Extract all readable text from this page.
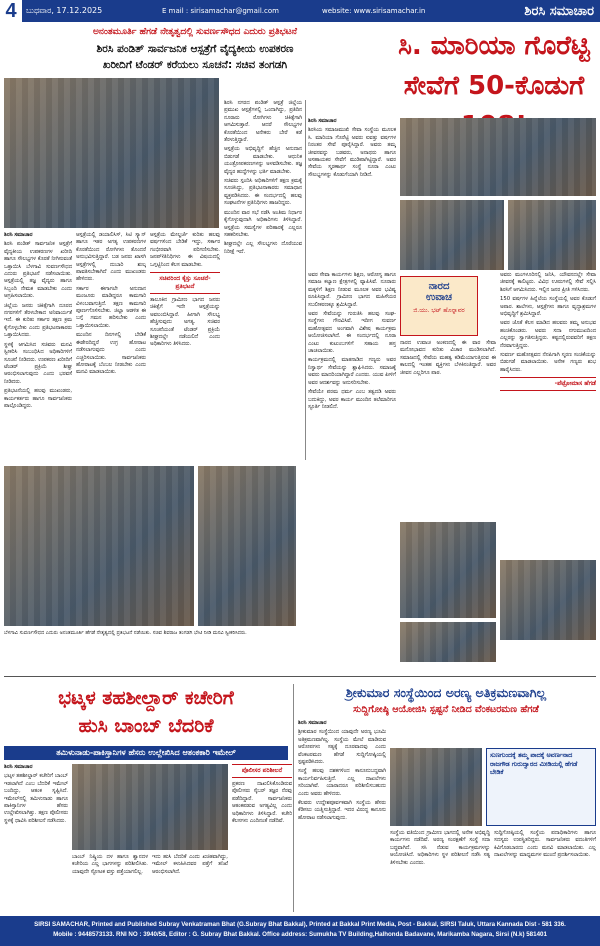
4	ಬುಧವಾರ, 17.12.2025	E mail : sirisamachar@gmail.com	website: www.sirisamachar.in	ಶಿರಸಿ ಸಮಾಚಾರ
ಅನಂತಮೂರ್ತಿ ಹೆಗಡೆ ನೇತೃತ್ವದಲ್ಲಿ ಸುವರ್ಣಸೌಧದ ಎದುರು ಪ್ರತಿಭಟನೆ
ಶಿರಸಿ ಪಂಡಿತ್ ಸಾರ್ವಜನಿಕ ಆಸ್ಪತ್ರೆಗೆ ವೈದ್ಯಕೀಯ ಉಪಕರಣ
ಖರೀದಿಗೆ ಟೆಂಡರ್ ಕರೆಯಲು ಸೂಚನೆ: ಸಚಿವ ತಂಗಡಗಿ

ಶಿರಸಿ ಸಮಾಚಾರ

ಶಿರಸಿ ಪಂಡಿತ್ ಸಾರ್ವಜನಿಕ ಆಸ್ಪತ್ರೆಗೆ ವೈದ್ಯಕೀಯ ಉಪಕರಣಗಳ ಖರೀದಿ ಹಾಗೂ ಸೌಲಭ್ಯಗಳ ಕೊರತೆ ನೀಗಿಸುವಂತೆ ಒತ್ತಾಯಿಸಿ ಬೆಳಗಾವಿ ಸುವರ್ಣಸೌಧದ ಎದುರು ಪ್ರತಿಭಟನೆ ನಡೆಸಲಾಯಿತು. ಆಸ್ಪತ್ರೆಯಲ್ಲಿ ತಜ್ಞ ವೈದ್ಯರು ಹಾಗೂ ಸಿಬ್ಬಂದಿ ನೇಮಕ ಮಾಡಬೇಕು ಎಂದು ಆಗ್ರಹಿಸಲಾಯಿತು.

ಜಿಲ್ಲೆಯ ಜನರು ಚಿಕಿತ್ಸೆಗಾಗಿ ದೂರದ ನಗರಗಳಿಗೆ ತೆರಳಬೇಕಾದ ಅನಿವಾರ್ಯತೆ ಇದೆ. ಈ ಕುರಿತು ಸರ್ಕಾರ ತಕ್ಷಣ ಕ್ರಮ ಕೈಗೊಳ್ಳಬೇಕು ಎಂದು ಪ್ರತಿಭಟನಾಕಾರರು ಒತ್ತಾಯಿಸಿದರು.

ಸ್ಥಳಕ್ಕೆ ಆಗಮಿಸಿದ ಸಚಿವರು ಮನವಿ ಸ್ವೀಕರಿಸಿ ಸಂಬಂಧಿಸಿದ ಅಧಿಕಾರಿಗಳಿಗೆ ಸೂಚನೆ ನೀಡಿದರು. ಉಪಕರಣ ಖರೀದಿಗೆ ಟೆಂಡರ್ ಪ್ರಕ್ರಿಯೆ ಶೀಘ್ರ ಆರಂಭಿಸಲಾಗುವುದು ಎಂದು ಭರವಸೆ ನೀಡಿದರು.

ಪ್ರತಿಭಟನೆಯಲ್ಲಿ ಹಲವು ಮುಖಂಡರು, ಕಾರ್ಯಕರ್ತರು ಹಾಗೂ ಸಾರ್ವಜನಿಕರು ಪಾಲ್ಗೊಂಡಿದ್ದರು.

ಆಸ್ಪತ್ರೆಯಲ್ಲಿ ಡಯಾಲಿಸಿಸ್, ಸಿಟಿ ಸ್ಕ್ಯಾನ್ ಹಾಗೂ ಇತರ ಅಗತ್ಯ ಉಪಕರಣಗಳ ಕೊರತೆಯಿಂದ ರೋಗಿಗಳು ತೊಂದರೆ ಅನುಭವಿಸುತ್ತಿದ್ದಾರೆ. ಬಡ ಜನರು ಖಾಸಗಿ ಆಸ್ಪತ್ರೆಗಳಲ್ಲಿ ದುಬಾರಿ ಶುಲ್ಕ ಪಾವತಿಸಬೇಕಾಗಿದೆ ಎಂದು ಮುಖಂಡರು ಹೇಳಿದರು.

ಸರ್ಕಾರ ಈಗಾಗಲೇ ಅನುದಾನ ಮಂಜೂರು ಮಾಡಿದ್ದರೂ ಕಾಮಗಾರಿ ವಿಳಂಬವಾಗುತ್ತಿದೆ. ತಕ್ಷಣ ಕಾಮಗಾರಿ ಪೂರ್ಣಗೊಳಿಸಬೇಕು. ಜಿಲ್ಲಾ ಆಡಳಿತ ಈ ಬಗ್ಗೆ ಗಮನ ಹರಿಸಬೇಕು ಎಂದು ಒತ್ತಾಯಿಸಲಾಯಿತು.

ಮುಂದಿನ ದಿನಗಳಲ್ಲಿ ಬೇಡಿಕೆ ಈಡೇರದಿದ್ದರೆ ಉಗ್ರ ಹೋರಾಟ ನಡೆಸಲಾಗುವುದು ಎಂದು ಎಚ್ಚರಿಸಲಾಯಿತು. ಸಾರ್ವಜನಿಕರು ಹೋರಾಟಕ್ಕೆ ಬೆಂಬಲ ನೀಡಬೇಕು ಎಂದು ಮನವಿ ಮಾಡಲಾಯಿತು.

ಆಸ್ಪತ್ರೆಯ ಮೇಲ್ದರ್ಜೆ ಕುರಿತು ಹಲವು ವರ್ಷಗಳಿಂದ ಬೇಡಿಕೆ ಇದ್ದು, ಸರ್ಕಾರ ಗಂಭೀರವಾಗಿ ಪರಿಗಣಿಸಬೇಕು. ಜನಪ್रತಿನಿಧಿಗಳು ಈ ವಿಷಯದಲ್ಲಿ ಒಗ್ಗಟ್ಟಿನಿಂದ ಕೆಲಸ ಮಾಡಬೇಕು.

ಸಚಿವರಿಂದ ಕೈಸ್ತು ಸೂಚನೆ-ಪ್ರತಿಭಟನೆ

ತಾಲೂಕಿನ ಗ್ರಾಮೀಣ ಭಾಗದ ಜನರು ಚಿಕಿತ್ಸೆಗೆ ಇದೇ ಆಸ್ಪತ್ರೆಯನ್ನು ಅವಲಂಬಿಸಿದ್ದಾರೆ. ಹೀಗಾಗಿ ಸೌಲಭ್ಯ ಹೆಚ್ಚಿಸುವುದು ಅಗತ್ಯ. ಸಚಿವರ ಸೂಚನೆಯಂತೆ ಟೆಂಡರ್ ಪ್ರಕ್ರಿಯೆ ಶೀಘ್ರದಲ್ಲೇ ನಡೆಯಲಿದೆ ಎಂದು ಅಧಿಕಾರಿಗಳು ತಿಳಿಸಿದರು.

ಶಿರಸಿ ನಗರದ ಪಂಡಿತ್ ಆಸ್ಪತ್ರೆ ಜಿಲ್ಲೆಯ ಪ್ರಮುಖ ಆಸ್ಪತ್ರೆಗಳಲ್ಲಿ ಒಂದಾಗಿದ್ದು, ಪ್ರತಿದಿನ ನೂರಾರು ರೋಗಿಗಳು ಚಿಕಿತ್ಸೆಗಾಗಿ ಆಗಮಿಸುತ್ತಾರೆ. ಆದರೆ ಸೌಲಭ್ಯಗಳ ಕೊರತೆಯಿಂದ ಅನೇಕರು ಬೇರೆ ಕಡೆ ತೆರಳುತ್ತಿದ್ದಾರೆ.

ಆಸ್ಪತ್ರೆಯ ಅಭಿವೃದ್ಧಿಗೆ ಹೆಚ್ಚಿನ ಅನುದಾನ ಬಿಡುಗಡೆ ಮಾಡಬೇಕು. ಆಧುನಿಕ ಯಂತ್ರೋಪಕರಣಗಳನ್ನು ಅಳವಡಿಸಬೇಕು. ತಜ್ಞ ವೈದ್ಯರ ಹುದ್ದೆಗಳನ್ನು ಭರ್ತಿ ಮಾಡಬೇಕು.

ಸಚಿವರು ಸ್ಪಂದಿಸಿ ಅಧಿಕಾರಿಗಳಿಗೆ ತಕ್ಷಣ ಕ್ರಮಕ್ಕೆ ಸೂಚಿಸಿದ್ದು, ಪ್ರತಿಭಟನಾಕಾರರು ಸಮಾಧಾನ ವ್ಯಕ್ತಪಡಿಸಿದರು. ಈ ಸಂದರ್ಭದಲ್ಲಿ ಹಲವು ಸಂಘಟನೆಗಳ ಪ್ರತಿನಿಧಿಗಳು ಹಾಜರಿದ್ದರು.

ಮುಂದಿನ ವಾರ ಸಭೆ ನಡೆಸಿ ಅಂತಿಮ ನಿರ್ಧಾರ ಕೈಗೊಳ್ಳುವುದಾಗಿ ಅಧಿಕಾರಿಗಳು ತಿಳಿಸಿದ್ದಾರೆ. ಆಸ್ಪತ್ರೆಯ ಸಮಸ್ಯೆಗಳ ಪರಿಹಾರಕ್ಕೆ ಎಲ್ಲರೂ ಸಹಕರಿಸಬೇಕು.

ಶೀಘ್ರದಲ್ಲೇ ಎಲ್ಲ ಸೌಲಭ್ಯಗಳು ದೊರೆಯುವ ನಿರೀಕ್ಷೆ ಇದೆ.

ಸಿ. ಮಾರಿಯಾ ಗೊರೆಟ್ಟಿ
ಸೇವೆಗೆ 50-ಕೊಡುಗೆ

ಶಿರಸಿ ಸಮಾಚಾರ

ಶಿರಸಿಯ ಸಮಾಜಮುಖಿ ಸೇವಾ ಸಂಸ್ಥೆಯ ಮೂಲಕ ಸಿ. ಮಾರಿಯಾ ಗೊರೆಟ್ಟಿ ಅವರು ಐವತ್ತು ವರ್ಷಗಳ ನಿರಂತರ ಸೇವೆ ಪೂರೈಸಿದ್ದಾರೆ. ಅವರು ತಮ್ಮ ಜೀವನವನ್ನು ಬಡವರು, ಅನಾಥರು ಹಾಗೂ ಅಸಹಾಯಕರ ಸೇವೆಗೆ ಮುಡಿಪಾಗಿಟ್ಟಿದ್ದಾರೆ. ಅವರ ಸೇವೆಯ ಸ್ಮರಣಾರ್ಥ ಸಂಸ್ಥೆ ನೂರಾ ಎಂಟು ಸೌಲಭ್ಯಗಳನ್ನು ಕೊಡುಗೆಯಾಗಿ ನೀಡಿದೆ.

ಅವರ ಸೇವಾ ಕಾರ್ಯಗಳು ಶಿಕ್ಷಣ, ಆರೋಗ್ಯ ಹಾಗೂ ಸಮಾಜ ಕಲ್ಯಾಣ ಕ್ಷೇತ್ರಗಳಲ್ಲಿ ವ್ಯಾಪಿಸಿವೆ. ನೂರಾರು ಮಕ್ಕಳಿಗೆ ಶಿಕ್ಷಣ ನೀಡುವ ಮೂಲಕ ಅವರ ಭವಿಷ್ಯ ರೂಪಿಸಿದ್ದಾರೆ. ಗ್ರಾಮೀಣ ಭಾಗದ ಮಹಿಳೆಯರ ಸಬಲೀಕರಣಕ್ಕೂ ಶ್ರಮಿಸಿದ್ದಾರೆ.

ಅವರ ಸೇವೆಯನ್ನು ಗುರುತಿಸಿ ಹಲವು ಸಂಘ-ಸಂಸ್ಥೆಗಳು ಗೌರವಿಸಿವೆ. ಇದೀಗ ಸುವರ್ಣ ಮಹೋತ್ಸವದ ಅಂಗವಾಗಿ ವಿಶೇಷ ಕಾರ್ಯಕ್ರಮ ಆಯೋಜಿಸಲಾಗಿದೆ. ಈ ಸಂದರ್ಭದಲ್ಲಿ ನೂರಾ ಎಂಟು ಕುಟುಂಬಗಳಿಗೆ ಸಹಾಯ ಹಸ್ತ ಚಾಚಲಾಯಿತು.

ಕಾರ್ಯಕ್ರಮದಲ್ಲಿ ಮಾತನಾಡಿದ ಗಣ್ಯರು ಅವರ ನಿಸ್ವಾರ್ಥ ಸೇವೆಯನ್ನು ಶ್ಲಾಘಿಸಿದರು. ಸಮಾಜಕ್ಕೆ ಅವರು ಮಾದರಿಯಾಗಿದ್ದಾರೆ ಎಂದರು. ಯುವ ಪೀಳಿಗೆ ಅವರ ಆದರ್ಶವನ್ನು ಅನುಸರಿಸಬೇಕು.

ಸೇವೆಯೇ ಪರಮ ಧರ್ಮ ಎಂಬ ತತ್ವದಡಿ ಅವರು ಬದುಕಿದ್ದು, ಅವರ ಕಾರ್ಯ ಮುಂದಿನ ತಲೆಮಾರಿಗೂ ಸ್ಫೂರ್ತಿ ನೀಡಲಿದೆ.

ನಾರದ
ಉವಾಚ
ಜಿ.ಯು. ಭಟ್ ಹೊನ್ನಾವರ

ನಾರದ ಉವಾಚ ಅಂಕಣದಲ್ಲಿ ಈ ವಾರ ಸೇವಾ ಮನೋಭಾವದ ಕುರಿತು ವಿಚಾರ ಮಂಡಿಸಲಾಗಿದೆ. ಸಮಾಜದಲ್ಲಿ ಸೇವೆಯ ಮಹತ್ವ ಕಡಿಮೆಯಾಗುತ್ತಿರುವ ಈ ಕಾಲದಲ್ಲಿ ಇಂತಹ ವ್ಯಕ್ತಿಗಳು ಬೆಳಕಿನಂತಿದ್ದಾರೆ. ಅವರ ಜೀವನ ಎಲ್ಲರಿಗೂ ಪಾಠ.

ಅವರು ಮಂಗಳೂರಿನಲ್ಲಿ ಜನಿಸಿ, ಯೌವನದಲ್ಲೇ ಸೇವಾ ಜೀವನಕ್ಕೆ ಕಾಲಿಟ್ಟರು. ವಿವಿಧ ಊರುಗಳಲ್ಲಿ ಸೇವೆ ಸಲ್ಲಿಸಿ ಶಿರಸಿಗೆ ಆಗಮಿಸಿದರು. ಇಲ್ಲಿನ ಜನರ ಪ್ರೀತಿ ಗಳಿಸಿದರು.

150 ವರ್ಷಗಳ ಹಿನ್ನೆಲೆಯ ಸಂಸ್ಥೆಯಲ್ಲಿ ಅವರ ಕೊಡುಗೆ ಅಪಾರ. ಶಾಲೆಗಳು, ಆಸ್ಪತ್ರೆಗಳು ಹಾಗೂ ವೃದ್ಧಾಶ್ರಮಗಳ ಅಭಿವೃದ್ಧಿಗೆ ಶ್ರಮಿಸಿದ್ದಾರೆ.

ಅವರ ಜೊತೆ ಕೆಲಸ ಮಾಡಿದ ಹಲವರು ತಮ್ಮ ಅನುಭವ ಹಂಚಿಕೊಂಡರು. ಅವರು ಸದಾ ನಗುಮುಖದಿಂದ ಎಲ್ಲರನ್ನು ಸ್ವಾಗತಿಸುತ್ತಿದ್ದರು. ಕಷ್ಟದಲ್ಲಿರುವವರಿಗೆ ತಕ್ಷಣ ನೆರವಾಗುತ್ತಿದ್ದರು.

ಸುವರ್ಣ ಮಹೋತ್ಸವದ ನೆನಪಿಗಾಗಿ ಸ್ಮರಣ ಸಂಚಿಕೆಯನ್ನು ಬಿಡುಗಡೆ ಮಾಡಲಾಯಿತು. ಅನೇಕ ಗಣ್ಯರು ಶುಭ ಹಾರೈಸಿದರು.

-ಪೆಟ್ರೋಮಾಸ ಹೆಗಡೆ
ಬೆಳಗಾವಿ ಸುವರ್ಣಸೌಧದ ಎದುರು ಅನಂತಮೂರ್ತಿ ಹೆಗಡೆ ನೇತೃತ್ವದಲ್ಲಿ ಪ್ರತಿಭಟನೆ ನಡೆಯಿತು. ಸಚಿವ ಶಿವರಾಜ ತಂಗಡಗಿ ಭೇಟಿ ನೀಡಿ ಮನವಿ ಸ್ವೀಕರಿಸಿದರು.
ಭಟ್ಕಳ ತಹಶೀಲ್ದಾರ್ ಕಚೇರಿಗೆ
ಹುಸಿ ಬಾಂಬ್ ಬೆದರಿಕೆ
ತಮಿಳುನಾಡು-ಪಾಕಿಸ್ತಾನಿಗಳ ಹೆಸರು ಉಲ್ಲೇಖಿಸಿದ ಆತಂಕಕಾರಿ ಇಮೇಲ್

ಶಿರಸಿ ಸಮಾಚಾರ

ಭಟ್ಕಳ ತಹಶೀಲ್ದಾರ್ ಕಚೇರಿಗೆ ಬಾಂಬ್ ಇಡಲಾಗಿದೆ ಎಂಬ ಬೆದರಿಕೆ ಇಮೇಲ್ ಬಂದಿದ್ದು, ಆತಂಕ ಸೃಷ್ಟಿಸಿದೆ. ಇಮೇಲ್‌ನಲ್ಲಿ ತಮಿಳುನಾಡು ಹಾಗೂ ಪಾಕಿಸ್ತಾನಿಗಳ ಹೆಸರು ಉಲ್ಲೇಖಿಸಲಾಗಿತ್ತು. ತಕ್ಷಣ ಪೊಲೀಸರು ಸ್ಥಳಕ್ಕೆ ಧಾವಿಸಿ ಪರಿಶೀಲನೆ ನಡೆಸಿದರು.

ಬಾಂಬ್ ನಿಷ್ಕ್ರಿಯ ದಳ ಹಾಗೂ ಶ್ವಾನದಳ ಕಚೇರಿಯ ಎಲ್ಲ ಭಾಗಗಳನ್ನು ಪರಿಶೀಲಿಸಿತು. ಯಾವುದೇ ಸ್ಫೋಟಕ ವಸ್ತು ಪತ್ತೆಯಾಗಲಿಲ್ಲ.

ಇದು ಹುಸಿ ಬೆದರಿಕೆ ಎಂದು ಖಚಿತವಾಗಿದ್ದು, ಇಮೇಲ್ ಕಳುಹಿಸಿದವರ ಪತ್ತೆಗೆ ತನಿಖೆ ಆರಂಭಿಸಲಾಗಿದೆ.

ಪೊಲೀಸರ ಪರಿಶೀಲನೆ

ಪ್ರಕರಣ ದಾಖಲಿಸಿಕೊಂಡಿರುವ ಪೊಲೀಸರು ಸೈಬರ್ ತಜ್ಞರ ನೆರವು ಪಡೆದಿದ್ದಾರೆ. ಸಾರ್ವಜನಿಕರು ಆತಂಕಪಡುವ ಅಗತ್ಯವಿಲ್ಲ ಎಂದು ಅಧಿಕಾರಿಗಳು ತಿಳಿಸಿದ್ದಾರೆ. ಕಚೇರಿ ಕೆಲಸಗಳು ಎಂದಿನಂತೆ ನಡೆದಿವೆ.

ಶ್ರೀಕುಮಾರ ಸಂಸ್ಥೆಯಿಂದ ಅರಣ್ಯ ಅತಿಕ್ರಮಣವಾಗಿಲ್ಲ
ಸುದ್ದಿಗೋಷ್ಠಿ ಆಯೋಜಿಸಿ ಸ್ಪಷ್ಟನೆ ನೀಡಿದ ವೆಂಕಟರಮಣ ಹೆಗಡೆ

ಶಿರಸಿ ಸಮಾಚಾರ

ಶ್ರೀಕುಮಾರ ಸಂಸ್ಥೆಯಿಂದ ಯಾವುದೇ ಅರಣ್ಯ ಭೂಮಿ ಅತಿಕ್ರಮಣವಾಗಿಲ್ಲ. ಸಂಸ್ಥೆಯ ಮೇಲೆ ಮಾಡಿರುವ ಆರೋಪಗಳು ಸತ್ಯಕ್ಕೆ ದೂರವಾದವು ಎಂದು ವೆಂಕಟರಮಣ ಹೆಗಡೆ ಸುದ್ದಿಗೋಷ್ಠಿಯಲ್ಲಿ ಸ್ಪಷ್ಟಪಡಿಸಿದರು.

ಸಂಸ್ಥೆ ಹಲವು ದಶಕಗಳಿಂದ ಕಾನೂನುಬದ್ಧವಾಗಿ ಕಾರ್ಯನಿರ್ವಹಿಸುತ್ತಿದೆ. ಎಲ್ಲ ದಾಖಲೆಗಳು ಸರಿಯಾಗಿವೆ. ಯಾರಾದರೂ ಪರಿಶೀಲಿಸಬಹುದು ಎಂದು ಅವರು ಹೇಳಿದರು.

ಕೆಲವರು ಉದ್ದೇಶಪೂರ್ವಕವಾಗಿ ಸಂಸ್ಥೆಯ ಹೆಸರು ಕೆಡಿಸಲು ಯತ್ನಿಸುತ್ತಿದ್ದಾರೆ. ಇದರ ವಿರುದ್ಧ ಕಾನೂನು ಹೋರಾಟ ನಡೆಸಲಾಗುವುದು.

ಸುಣಗುಂದಕ್ಕೆ ತಮ್ಮ ಪಾದಕ್ಕೆ ಅವರ್ಣನಾದ ರಾಜಗೌಡ ಗುರುದ್ವಾರದ ಮೀಡಿಯಲ್ಲಿ ಹೆಗಡೆ ಬೇಡಿಕೆ

ಸಂಸ್ಥೆಯ ವತಿಯಿಂದ ಗ್ರಾಮೀಣ ಭಾಗದಲ್ಲಿ ಅನೇಕ ಅಭಿವೃದ್ಧಿ ಕಾರ್ಯಗಳು ನಡೆದಿವೆ. ಅರಣ್ಯ ಸಂರಕ್ಷಣೆಗೆ ಸಂಸ್ಥೆ ಸದಾ ಬದ್ಧವಾಗಿದೆ. ಸಸಿ ನೆಡುವ ಕಾರ್ಯಕ್ರಮಗಳನ್ನು ಆಯೋಜಿಸಿದೆ. ಅಧಿಕಾರಿಗಳು ಸ್ಥಳ ಪರಿಶೀಲನೆ ನಡೆಸಿ ಸತ್ಯ ತಿಳಿಸಬೇಕು ಎಂದರು.

ಸುದ್ದಿಗೋಷ್ಠಿಯಲ್ಲಿ ಸಂಸ್ಥೆಯ ಪದಾಧಿಕಾರಿಗಳು ಹಾಗೂ ಸದಸ್ಯರು ಉಪಸ್ಥಿತರಿದ್ದರು. ಸಾರ್ವಜನಿಕರು ವದಂತಿಗಳಿಗೆ ಕಿವಿಗೊಡಬಾರದು ಎಂದು ಮನವಿ ಮಾಡಲಾಯಿತು. ಎಲ್ಲ ದಾಖಲೆಗಳನ್ನು ಮಾಧ್ಯಮಗಳ ಮುಂದೆ ಪ್ರದರ್ಶಿಸಲಾಯಿತು.

SIRSI SAMACHAR, Printed and Published Subray Venkatraman Bhat (G.Subray Bhat Bakkal), Printed at Bakkal Print Media, Post - Bakkal, SIRSI Taluk, Uttara Kannada Dist - 581 336.
Mobile : 9448573133. RNI NO : 3940/58, Editor : G. Subray Bhat Bakkal. Office address: Sumukha TV Building,Halhonda Badavane, Marikamba Nagara, Sirsi (N.k) 581401
